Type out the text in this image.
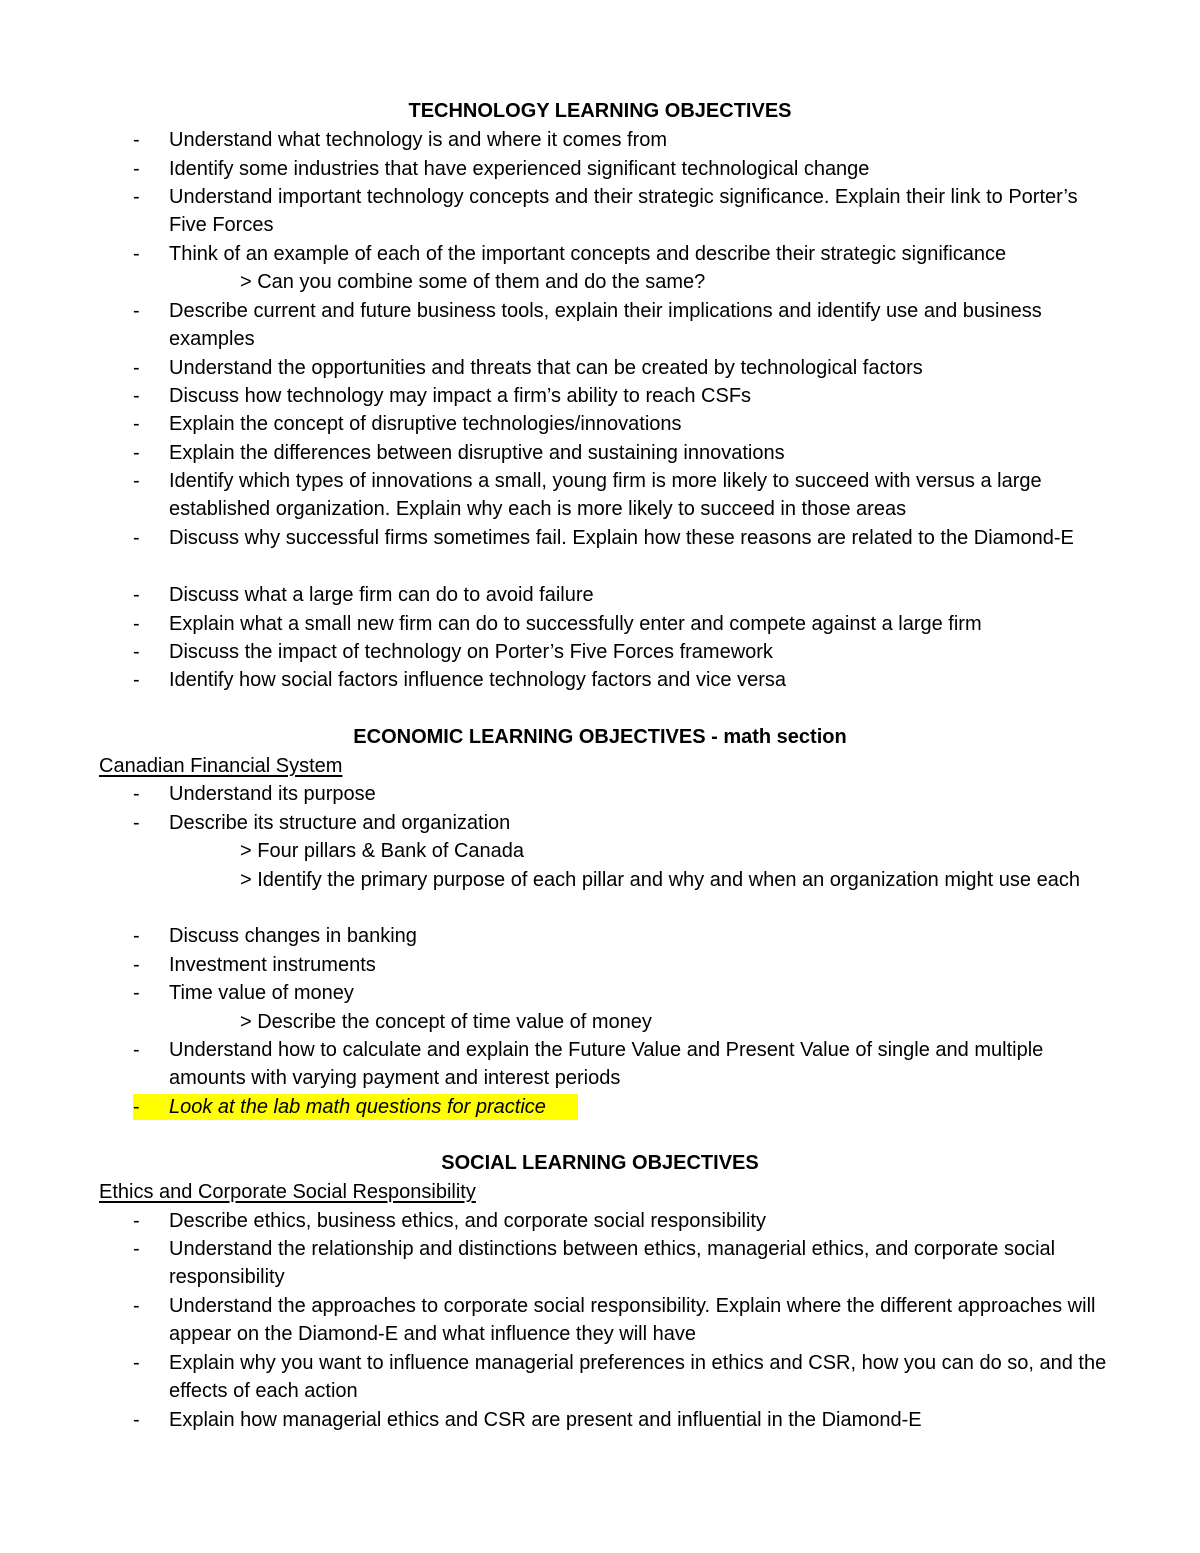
TECHNOLOGY LEARNING OBJECTIVES
- Understand what technology is and where it comes from
- Identify some industries that have experienced significant technological change
- Understand important technology concepts and their strategic significance. Explain their link to Porter’s Five Forces
- Think of an example of each of the important concepts and describe their strategic significance
> Can you combine some of them and do the same?
- Describe current and future business tools, explain their implications and identify use and business examples
- Understand the opportunities and threats that can be created by technological factors
- Discuss how technology may impact a firm’s ability to reach CSFs
- Explain the concept of disruptive technologies/innovations
- Explain the differences between disruptive and sustaining innovations
- Identify which types of innovations a small, young firm is more likely to succeed with versus a large established organization. Explain why each is more likely to succeed in those areas
- Discuss why successful firms sometimes fail. Explain how these reasons are related to the Diamond-E
- Discuss what a large firm can do to avoid failure
- Explain what a small new firm can do to successfully enter and compete against a large firm
- Discuss the impact of technology on Porter’s Five Forces framework
- Identify how social factors influence technology factors and vice versa
ECONOMIC LEARNING OBJECTIVES - math section
Canadian Financial System
- Understand its purpose
- Describe its structure and organization
> Four pillars & Bank of Canada
> Identify the primary purpose of each pillar and why and when an organization might use each
- Discuss changes in banking
- Investment instruments
- Time value of money
> Describe the concept of time value of money
- Understand how to calculate and explain the Future Value and Present Value of single and multiple amounts with varying payment and interest periods
- Look at the lab math questions for practice
SOCIAL LEARNING OBJECTIVES
Ethics and Corporate Social Responsibility
- Describe ethics, business ethics, and corporate social responsibility
- Understand the relationship and distinctions between ethics, managerial ethics, and corporate social responsibility
- Understand the approaches to corporate social responsibility. Explain where the different approaches will appear on the Diamond-E and what influence they will have
- Explain why you want to influence managerial preferences in ethics and CSR, how you can do so, and the effects of each action
- Explain how managerial ethics and CSR are present and influential in the Diamond-E
